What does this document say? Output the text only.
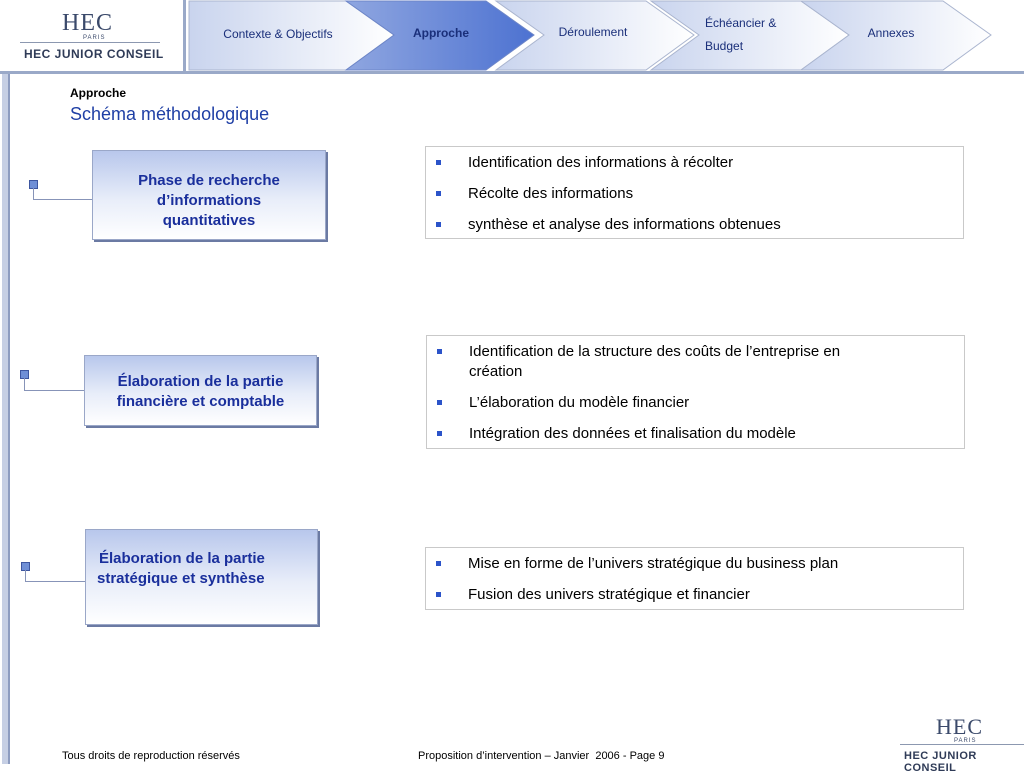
HEC
PARIS
HEC JUNIOR CONSEIL
Contexte & Objectifs	Approche	Déroulement
Échéancier &
Budget
Annexes
Approche
Schéma méthodologique
Phase de recherche
d’informations
quantitatives
Identification des informations à récolter
Récolte des informations
synthèse et analyse des informations obtenues
Élaboration de la partie
financière et comptable
Identification de la structure des coûts de l’entreprise en
création
L’élaboration du modèle financier
Intégration des données et finalisation du modèle
Élaboration de la partie
stratégique et synthèse
Mise en forme de l’univers stratégique du business plan
Fusion des univers stratégique et financier
Tous droits de reproduction réservés	Proposition d’intervention – Janvier  2006 - Page 9
HEC
PARIS
HEC JUNIOR CONSEIL
